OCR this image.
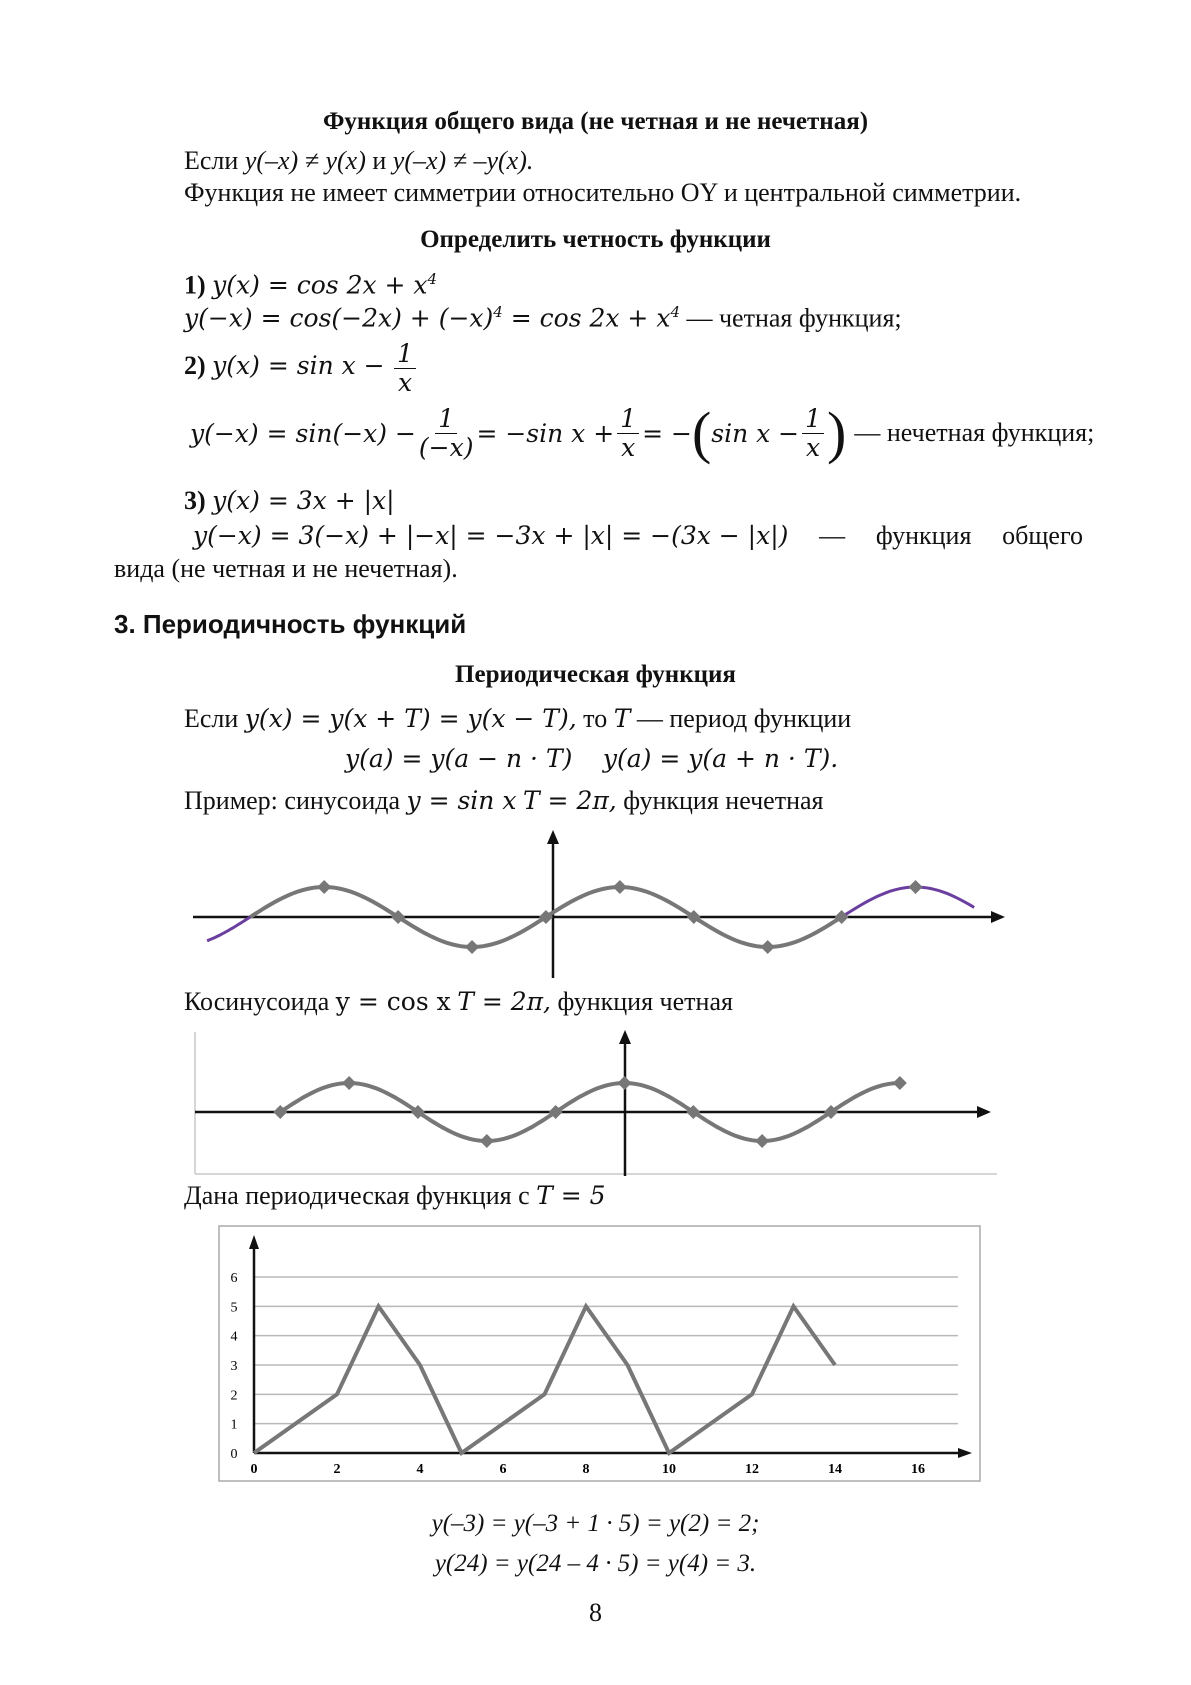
Функция общего вида (не четная и не нечетная)
Если y(–x) ≠ y(x) и y(–x) ≠ –y(x).
Функция не имеет симметрии относительно OY и центральной симметрии.
Определить четность функции
1) $y(x) = \cos 2x + x^4$
$y(-x) = \cos(-2x) + (-x)^4 = \cos 2x + x^4$ — четная функция;
2) $y(x) = \sin x - \frac{1}{x}$
$y(-x) = \sin(-x) - \frac{1}{(-x)} = -\sin$ $x + \frac{1}{x}$ = − ( $\sin x - \frac{1}{x}$ ) — нечетная функция;
3) y(x) = 3x + |x|
y(−x) = 3(−x) + |−x| = −3x + |x| = −(3x − |x|) — функция общего
вида (не четная и не нечетная).
3. Периодичность функций
Периодическая функция
Если y(x) = y(x + T) = y(x − T), то T — период функции
y(a) = y(a − n · T) y(a) = y(a + n · T).
Пример: синусоида y = sin x T = 2π, функция нечетная
Косинусоида y = cos x T = 2π, функция четная
Дана периодическая функция с T = 5
0
1
2
3
4
5
6
0	2	4	6	8	10	12	14	16
y(–3) = y(–3 + 1 · 5) = y(2) = 2;
y(24) = y(24 – 4 · 5) = y(4) = 3.
8
